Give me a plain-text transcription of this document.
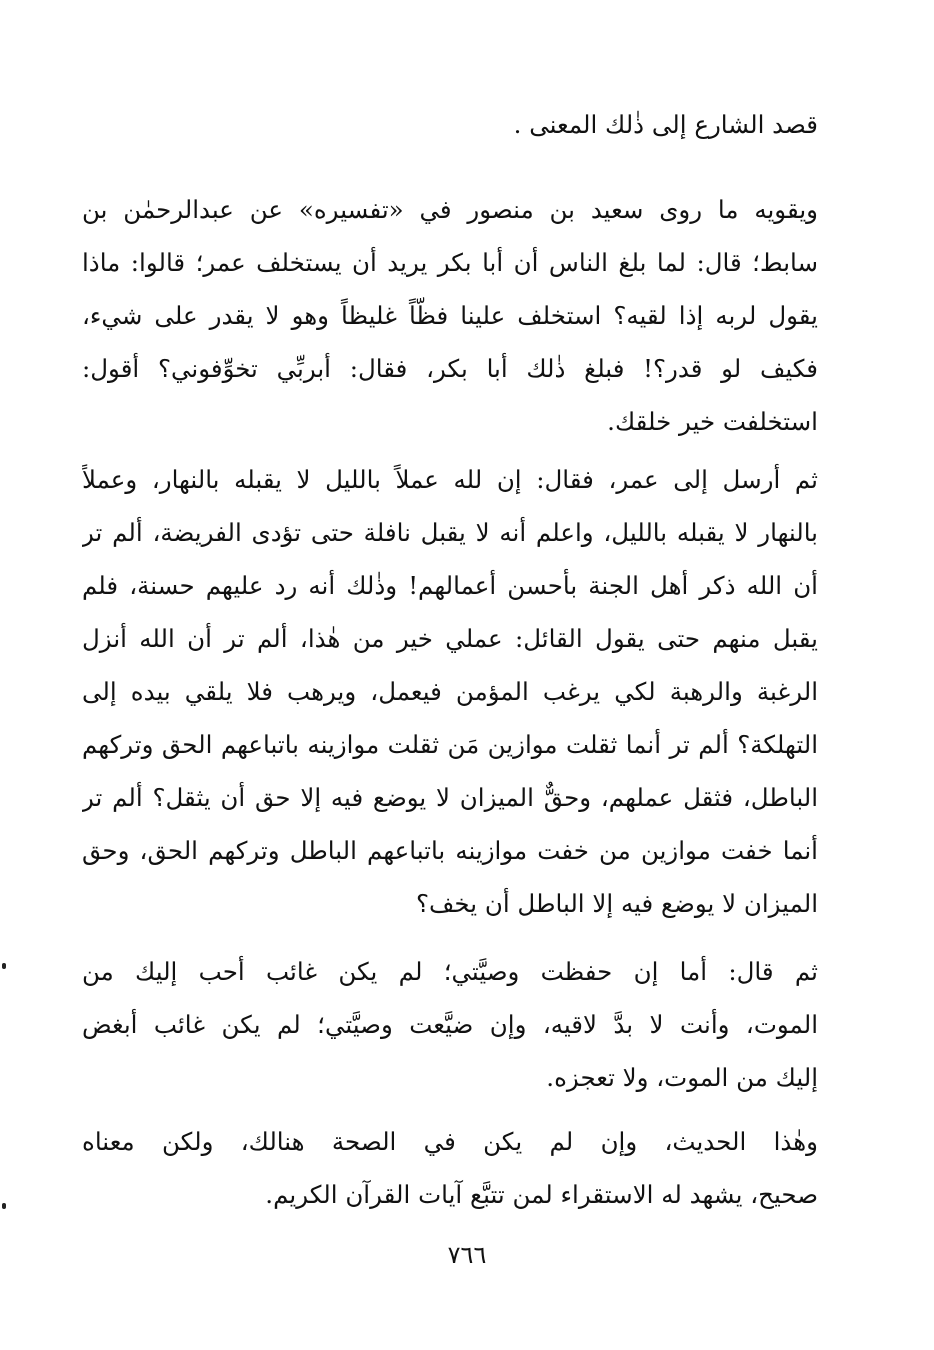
قصد الشارع إلى ذٰلك المعنى .

ويقويه ما روى سعيد بن منصور في «تفسيره» عن عبدالرحمٰن بن
سابط؛ قال: لما بلغ الناس أن أبا بكر يريد أن يستخلف عمر؛ قالوا: ماذا
يقول لربه إذا لقيه؟ استخلف علينا فظّاً غليظاً وهو لا يقدر على شيء،
فكيف لو قدر؟! فبلغ ذٰلك أبا بكر، فقال: أبربِّي تخوِّفوني؟ أقول:
استخلفت خير خلقك.

ثم أرسل إلى عمر، فقال: إن لله عملاً بالليل لا يقبله بالنهار، وعملاً
بالنهار لا يقبله بالليل، واعلم أنه لا يقبل نافلة حتى تؤدى الفريضة، ألم تر
أن الله ذكر أهل الجنة بأحسن أعمالهم! وذٰلك أنه رد عليهم حسنة، فلم
يقبل منهم حتى يقول القائل: عملي خير من هٰذا، ألم تر أن الله أنزل
الرغبة والرهبة لكي يرغب المؤمن فيعمل، ويرهب فلا يلقي بيده إلى
التهلكة؟ ألم تر أنما ثقلت موازين مَن ثقلت موازينه باتباعهم الحق وتركهم
الباطل، فثقل عملهم، وحقٌّ الميزان لا يوضع فيه إلا حق أن يثقل؟ ألم تر
أنما خفت موازين من خفت موازينه باتباعهم الباطل وتركهم الحق، وحق
الميزان لا يوضع فيه إلا الباطل أن يخف؟

ثم قال: أما إن حفظت وصيَّتي؛ لم يكن غائب أحب إليك من
الموت، وأنت لا بدَّ لاقيه، وإن ضيَّعت وصيَّتي؛ لم يكن غائب أبغض
إليك من الموت، ولا تعجزه.

وهٰذا الحديث، وإن لم يكن في الصحة هنالك، ولكن معناه
صحيح، يشهد له الاستقراء لمن تتبَّع آيات القرآن الكريم.

٧٦٦
